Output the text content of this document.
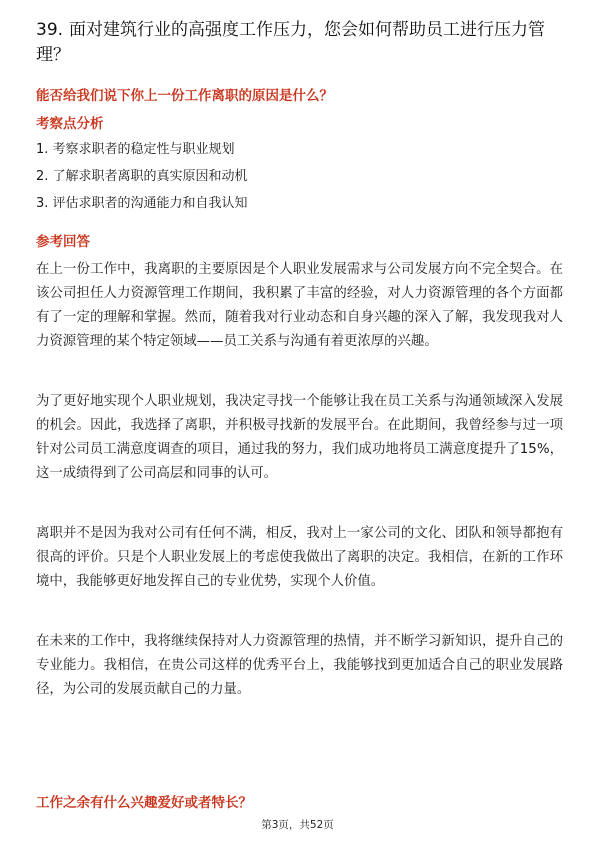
39. 面对建筑行业的高强度工作压力，您会如何帮助员工进行压力管理？
能否给我们说下你上一份工作离职的原因是什么？
考察点分析
1. 考察求职者的稳定性与职业规划
2. 了解求职者离职的真实原因和动机
3. 评估求职者的沟通能力和自我认知
参考回答

在上一份工作中，我离职的主要原因是个人职业发展需求与公司发展方向不完全契合。在该公司担任人力资源管理工作期间，我积累了丰富的经验，对人力资源管理的各个方面都有了一定的理解和掌握。然而，随着我对行业动态和自身兴趣的深入了解，我发现我对人力资源管理的某个特定领域——员工关系与沟通有着更浓厚的兴趣。

为了更好地实现个人职业规划，我决定寻找一个能够让我在员工关系与沟通领域深入发展的机会。因此，我选择了离职，并积极寻找新的发展平台。在此期间，我曾经参与过一项针对公司员工满意度调查的项目，通过我的努力，我们成功地将员工满意度提升了15%，这一成绩得到了公司高层和同事的认可。

离职并不是因为我对公司有任何不满，相反，我对上一家公司的文化、团队和领导都抱有很高的评价。只是个人职业发展上的考虑使我做出了离职的决定。我相信，在新的工作环境中，我能够更好地发挥自己的专业优势，实现个人价值。

在未来的工作中，我将继续保持对人力资源管理的热情，并不断学习新知识，提升自己的专业能力。我相信，在贵公司这样的优秀平台上，我能够找到更加适合自己的职业发展路径，为公司的发展贡献自己的力量。

工作之余有什么兴趣爱好或者特长？
第3页，共52页
